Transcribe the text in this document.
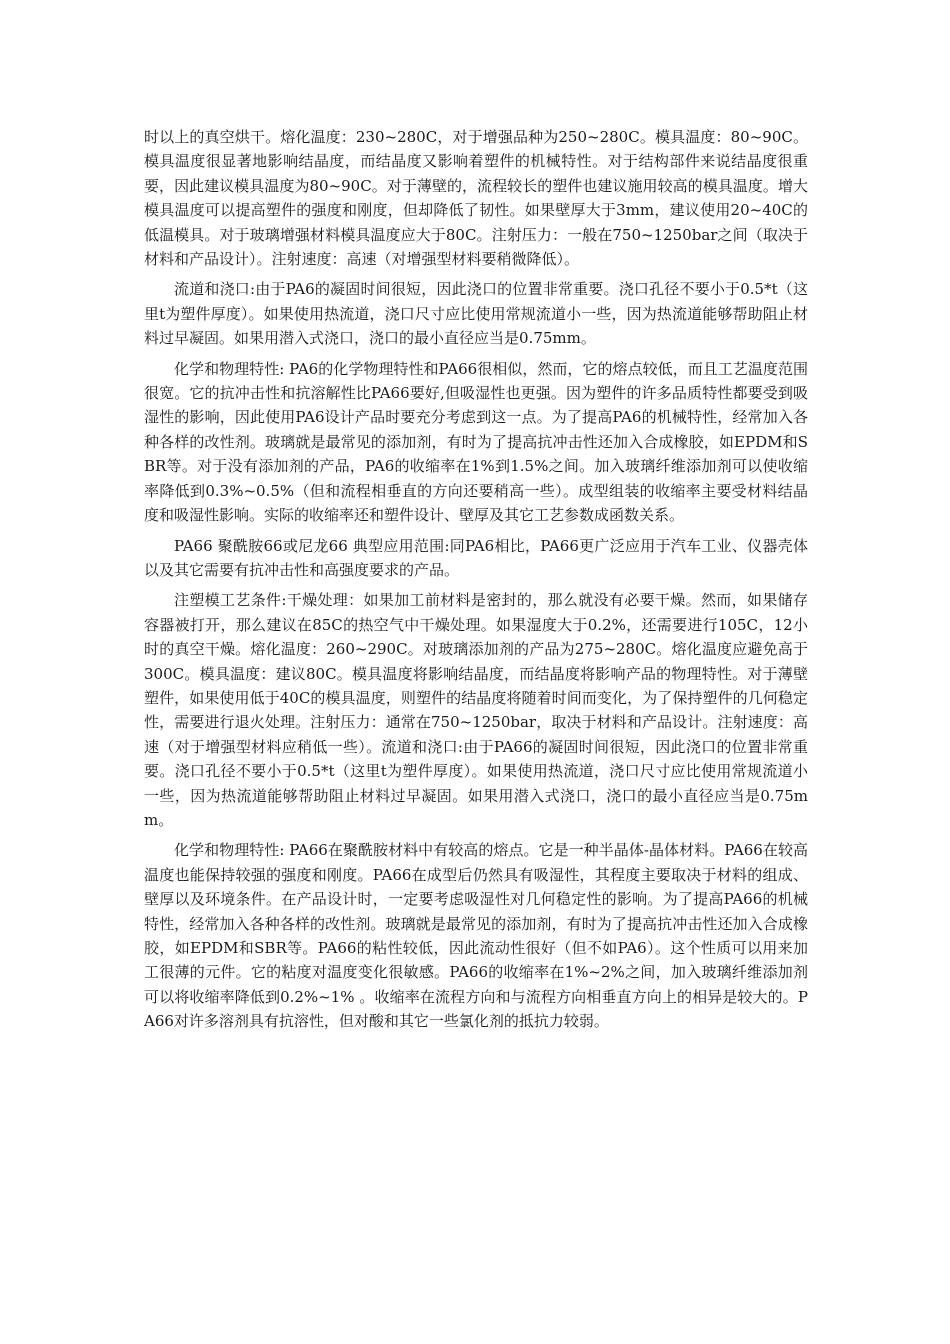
时以上的真空烘干。熔化温度：230~280C，对于增强品种为250~280C。模具温度：80~90C。模具温度很显著地影响结晶度，而结晶度又影响着塑件的机械特性。对于结构部件来说结晶度很重要，因此建议模具温度为80~90C。对于薄壁的，流程较长的塑件也建议施用较高的模具温度。增大模具温度可以提高塑件的强度和刚度，但却降低了韧性。如果壁厚大于3mm，建议使用20~40C的低温模具。对于玻璃增强材料模具温度应大于80C。注射压力：一般在750~1250bar之间（取决于材料和产品设计）。注射速度：高速（对增强型材料要稍微降低）。

流道和浇口:由于PA6的凝固时间很短，因此浇口的位置非常重要。浇口孔径不要小于0.5*t（这里t为塑件厚度）。如果使用热流道，浇口尺寸应比使用常规流道小一些，因为热流道能够帮助阻止材料过早凝固。如果用潜入式浇口，浇口的最小直径应当是0.75mm。

化学和物理特性: PA6的化学物理特性和PA66很相似，然而，它的熔点较低，而且工艺温度范围很宽。它的抗冲击性和抗溶解性比PA66要好,但吸湿性也更强。因为塑件的许多品质特性都要受到吸湿性的影响，因此使用PA6设计产品时要充分考虑到这一点。为了提高PA6的机械特性，经常加入各种各样的改性剂。玻璃就是最常见的添加剂，有时为了提高抗冲击性还加入合成橡胶，如EPDM和SBR等。对于没有添加剂的产品，PA6的收缩率在1%到1.5%之间。加入玻璃纤维添加剂可以使收缩率降低到0.3%~0.5%（但和流程相垂直的方向还要稍高一些）。成型组装的收缩率主要受材料结晶度和吸湿性影响。实际的收缩率还和塑件设计、壁厚及其它工艺参数成函数关系。

PA66 聚酰胺66或尼龙66 典型应用范围:同PA6相比，PA66更广泛应用于汽车工业、仪器壳体以及其它需要有抗冲击性和高强度要求的产品。

注塑模工艺条件:干燥处理：如果加工前材料是密封的，那么就没有必要干燥。然而，如果储存容器被打开，那么建议在85C的热空气中干燥处理。如果湿度大于0.2%，还需要进行105C，12小时的真空干燥。熔化温度：260~290C。对玻璃添加剂的产品为275~280C。熔化温度应避免高于300C。模具温度：建议80C。模具温度将影响结晶度，而结晶度将影响产品的物理特性。对于薄壁塑件，如果使用低于40C的模具温度，则塑件的结晶度将随着时间而变化，为了保持塑件的几何稳定性，需要进行退火处理。注射压力：通常在750~1250bar，取决于材料和产品设计。注射速度：高速（对于增强型材料应稍低一些）。流道和浇口:由于PA66的凝固时间很短，因此浇口的位置非常重要。浇口孔径不要小于0.5*t（这里t为塑件厚度）。如果使用热流道，浇口尺寸应比使用常规流道小一些，因为热流道能够帮助阻止材料过早凝固。如果用潜入式浇口，浇口的最小直径应当是0.75mm。

化学和物理特性: PA66在聚酰胺材料中有较高的熔点。它是一种半晶体-晶体材料。PA66在较高温度也能保持较强的强度和刚度。PA66在成型后仍然具有吸湿性，其程度主要取决于材料的组成、壁厚以及环境条件。在产品设计时，一定要考虑吸湿性对几何稳定性的影响。为了提高PA66的机械特性，经常加入各种各样的改性剂。玻璃就是最常见的添加剂，有时为了提高抗冲击性还加入合成橡胶，如EPDM和SBR等。PA66的粘性较低，因此流动性很好（但不如PA6）。这个性质可以用来加工很薄的元件。它的粘度对温度变化很敏感。PA66的收缩率在1%~2%之间，加入玻璃纤维添加剂可以将收缩率降低到0.2%~1% 。收缩率在流程方向和与流程方向相垂直方向上的相异是较大的。PA66对许多溶剂具有抗溶性，但对酸和其它一些氯化剂的抵抗力较弱。
